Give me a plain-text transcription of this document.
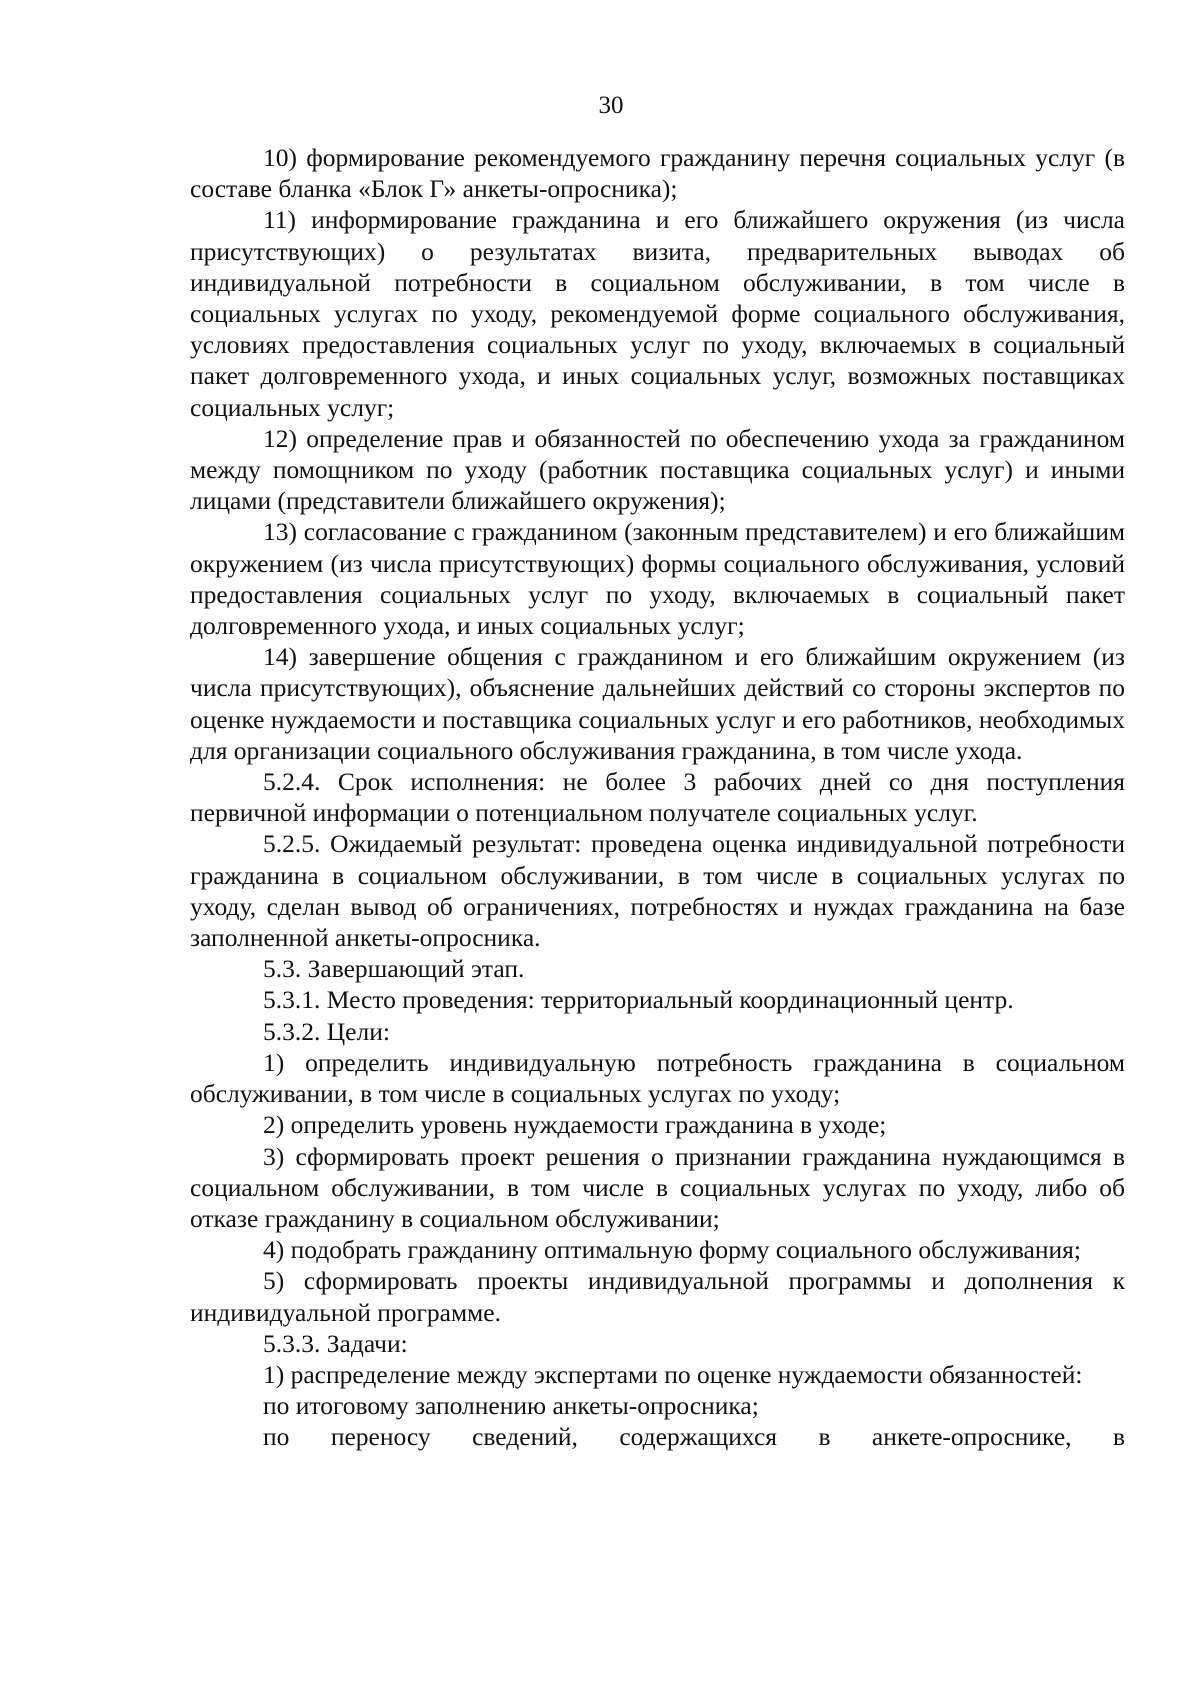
30

10) формирование рекомендуемого гражданину перечня социальных услуг (в составе бланка «Блок Г» анкеты-опросника);

11) информирование гражданина и его ближайшего окружения (из числа присутствующих) о результатах визита, предварительных выводах об индивидуальной потребности в социальном обслуживании, в том числе в социальных услугах по уходу, рекомендуемой форме социального обслуживания, условиях предоставления социальных услуг по уходу, включаемых в социальный пакет долговременного ухода, и иных социальных услуг, возможных поставщиках социальных услуг;

12) определение прав и обязанностей по обеспечению ухода за гражданином между помощником по уходу (работник поставщика социальных услуг) и иными лицами (представители ближайшего окружения);

13) согласование с гражданином (законным представителем) и его ближайшим окружением (из числа присутствующих) формы социального обслуживания, условий предоставления социальных услуг по уходу, включаемых в социальный пакет долговременного ухода, и иных социальных услуг;

14) завершение общения с гражданином и его ближайшим окружением (из числа присутствующих), объяснение дальнейших действий со стороны экспертов по оценке нуждаемости и поставщика социальных услуг и его работников, необходимых для организации социального обслуживания гражданина, в том числе ухода.

5.2.4. Срок исполнения: не более 3 рабочих дней со дня поступления первичной информации о потенциальном получателе социальных услуг.

5.2.5. Ожидаемый результат: проведена оценка индивидуальной потребности гражданина в социальном обслуживании, в том числе в социальных услугах по уходу, сделан вывод об ограничениях, потребностях и нуждах гражданина на базе заполненной анкеты-опросника.

5.3. Завершающий этап.

5.3.1. Место проведения: территориальный координационный центр.

5.3.2. Цели:

1) определить индивидуальную потребность гражданина в социальном обслуживании, в том числе в социальных услугах по уходу;

2) определить уровень нуждаемости гражданина в уходе;

3) сформировать проект решения о признании гражданина нуждающимся в социальном обслуживании, в том числе в социальных услугах по уходу, либо об отказе гражданину в социальном обслуживании;

4) подобрать гражданину оптимальную форму социального обслуживания;

5) сформировать проекты индивидуальной программы и дополнения к индивидуальной программе.

5.3.3. Задачи:

1) распределение между экспертами по оценке нуждаемости обязанностей:

по итоговому заполнению анкеты-опросника;

по переносу сведений, содержащихся в анкете-опроснике, в
